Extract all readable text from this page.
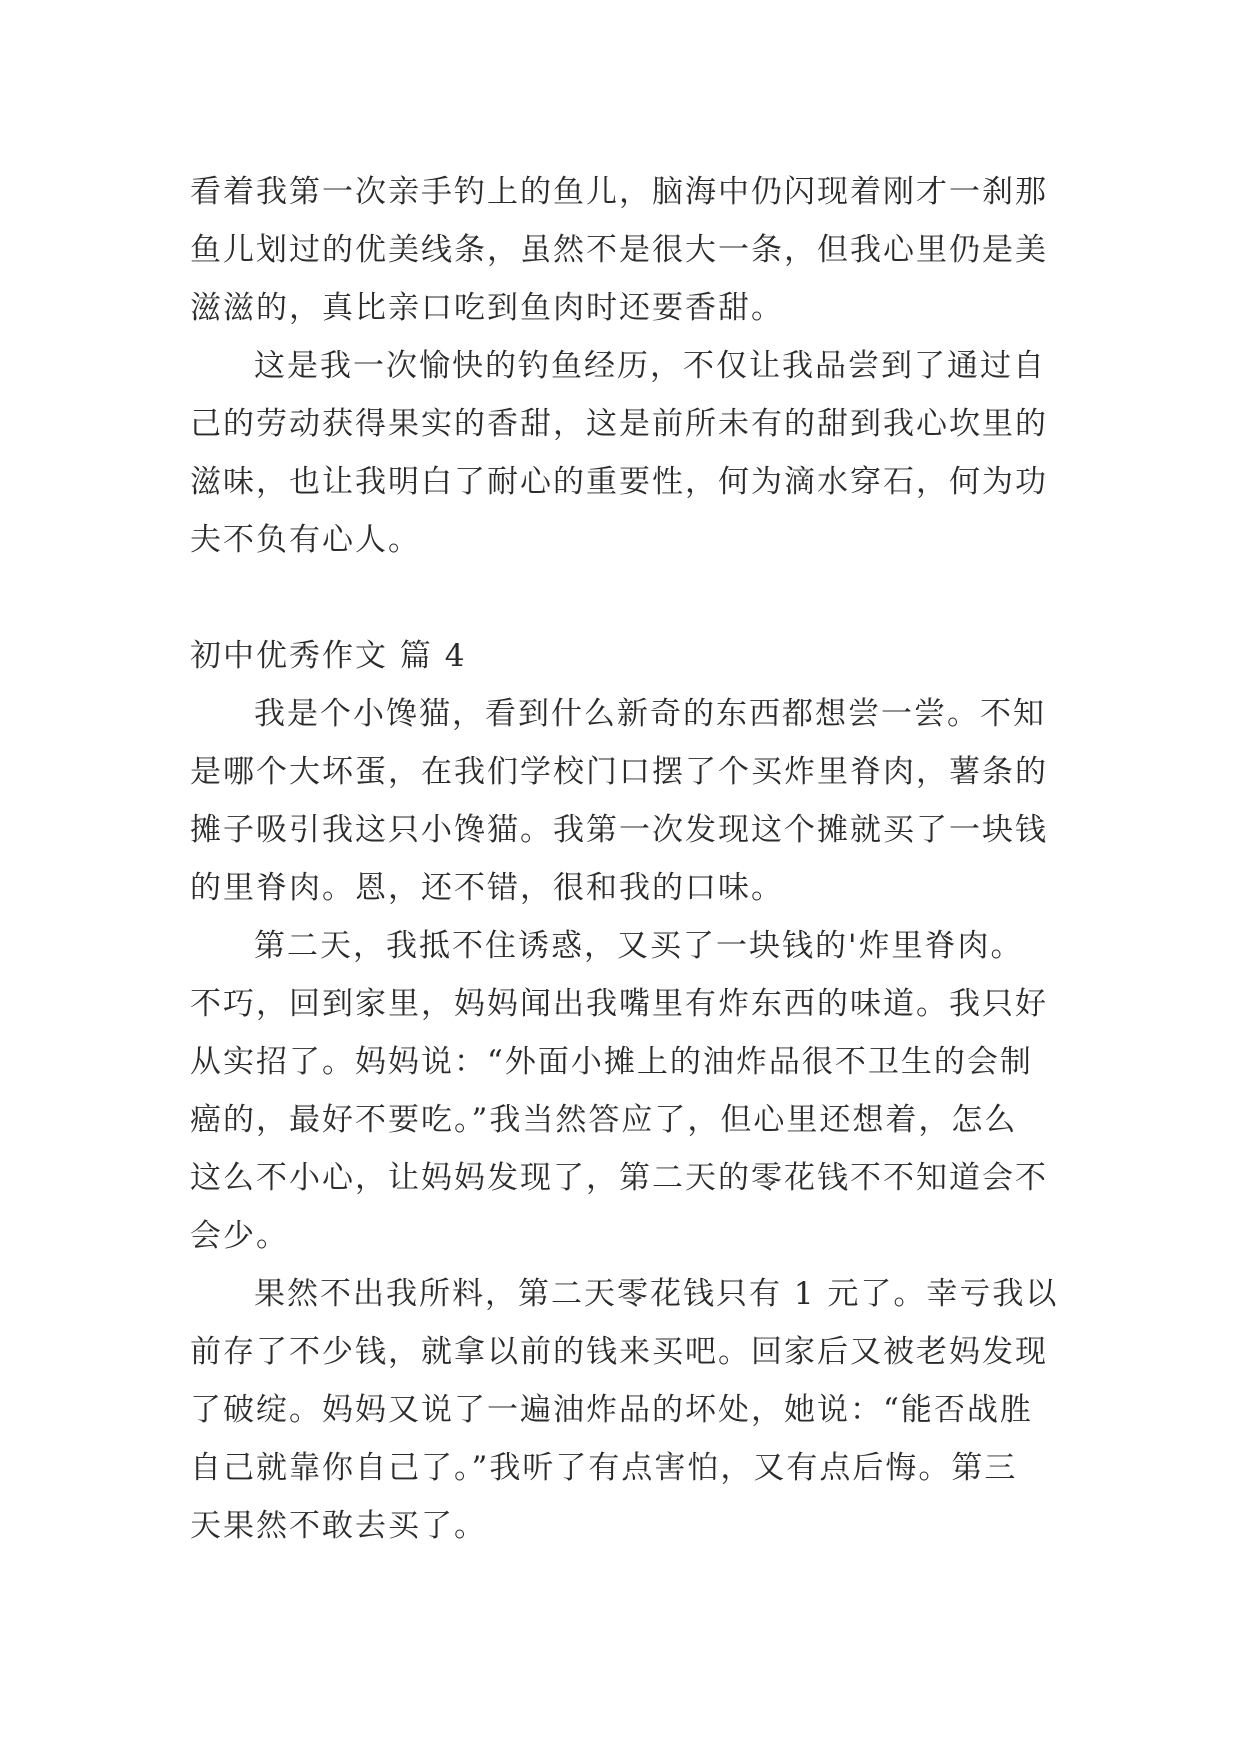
看着我第一次亲手钓上的鱼儿，脑海中仍闪现着刚才一刹那
鱼儿划过的优美线条，虽然不是很大一条，但我心里仍是美
滋滋的，真比亲口吃到鱼肉时还要香甜。
这是我一次愉快的钓鱼经历，不仅让我品尝到了通过自
己的劳动获得果实的香甜，这是前所未有的甜到我心坎里的
滋味，也让我明白了耐心的重要性，何为滴水穿石，何为功
夫不负有心人。
初中优秀作文 篇 4
我是个小馋猫，看到什么新奇的东西都想尝一尝。不知
是哪个大坏蛋，在我们学校门口摆了个买炸里脊肉，薯条的
摊子吸引我这只小馋猫。我第一次发现这个摊就买了一块钱
的里脊肉。恩，还不错，很和我的口味。
第二天，我抵不住诱惑，又买了一块钱的'炸里脊肉。
不巧，回到家里，妈妈闻出我嘴里有炸东西的味道。我只好
从实招了。妈妈说：“外面小摊上的油炸品很不卫生的会制
癌的，最好不要吃。”我当然答应了，但心里还想着，怎么
这么不小心，让妈妈发现了，第二天的零花钱不不知道会不
会少。
果然不出我所料，第二天零花钱只有 1 元了。幸亏我以
前存了不少钱，就拿以前的钱来买吧。回家后又被老妈发现
了破绽。妈妈又说了一遍油炸品的坏处，她说：“能否战胜
自己就靠你自己了。”我听了有点害怕，又有点后悔。第三
天果然不敢去买了。
